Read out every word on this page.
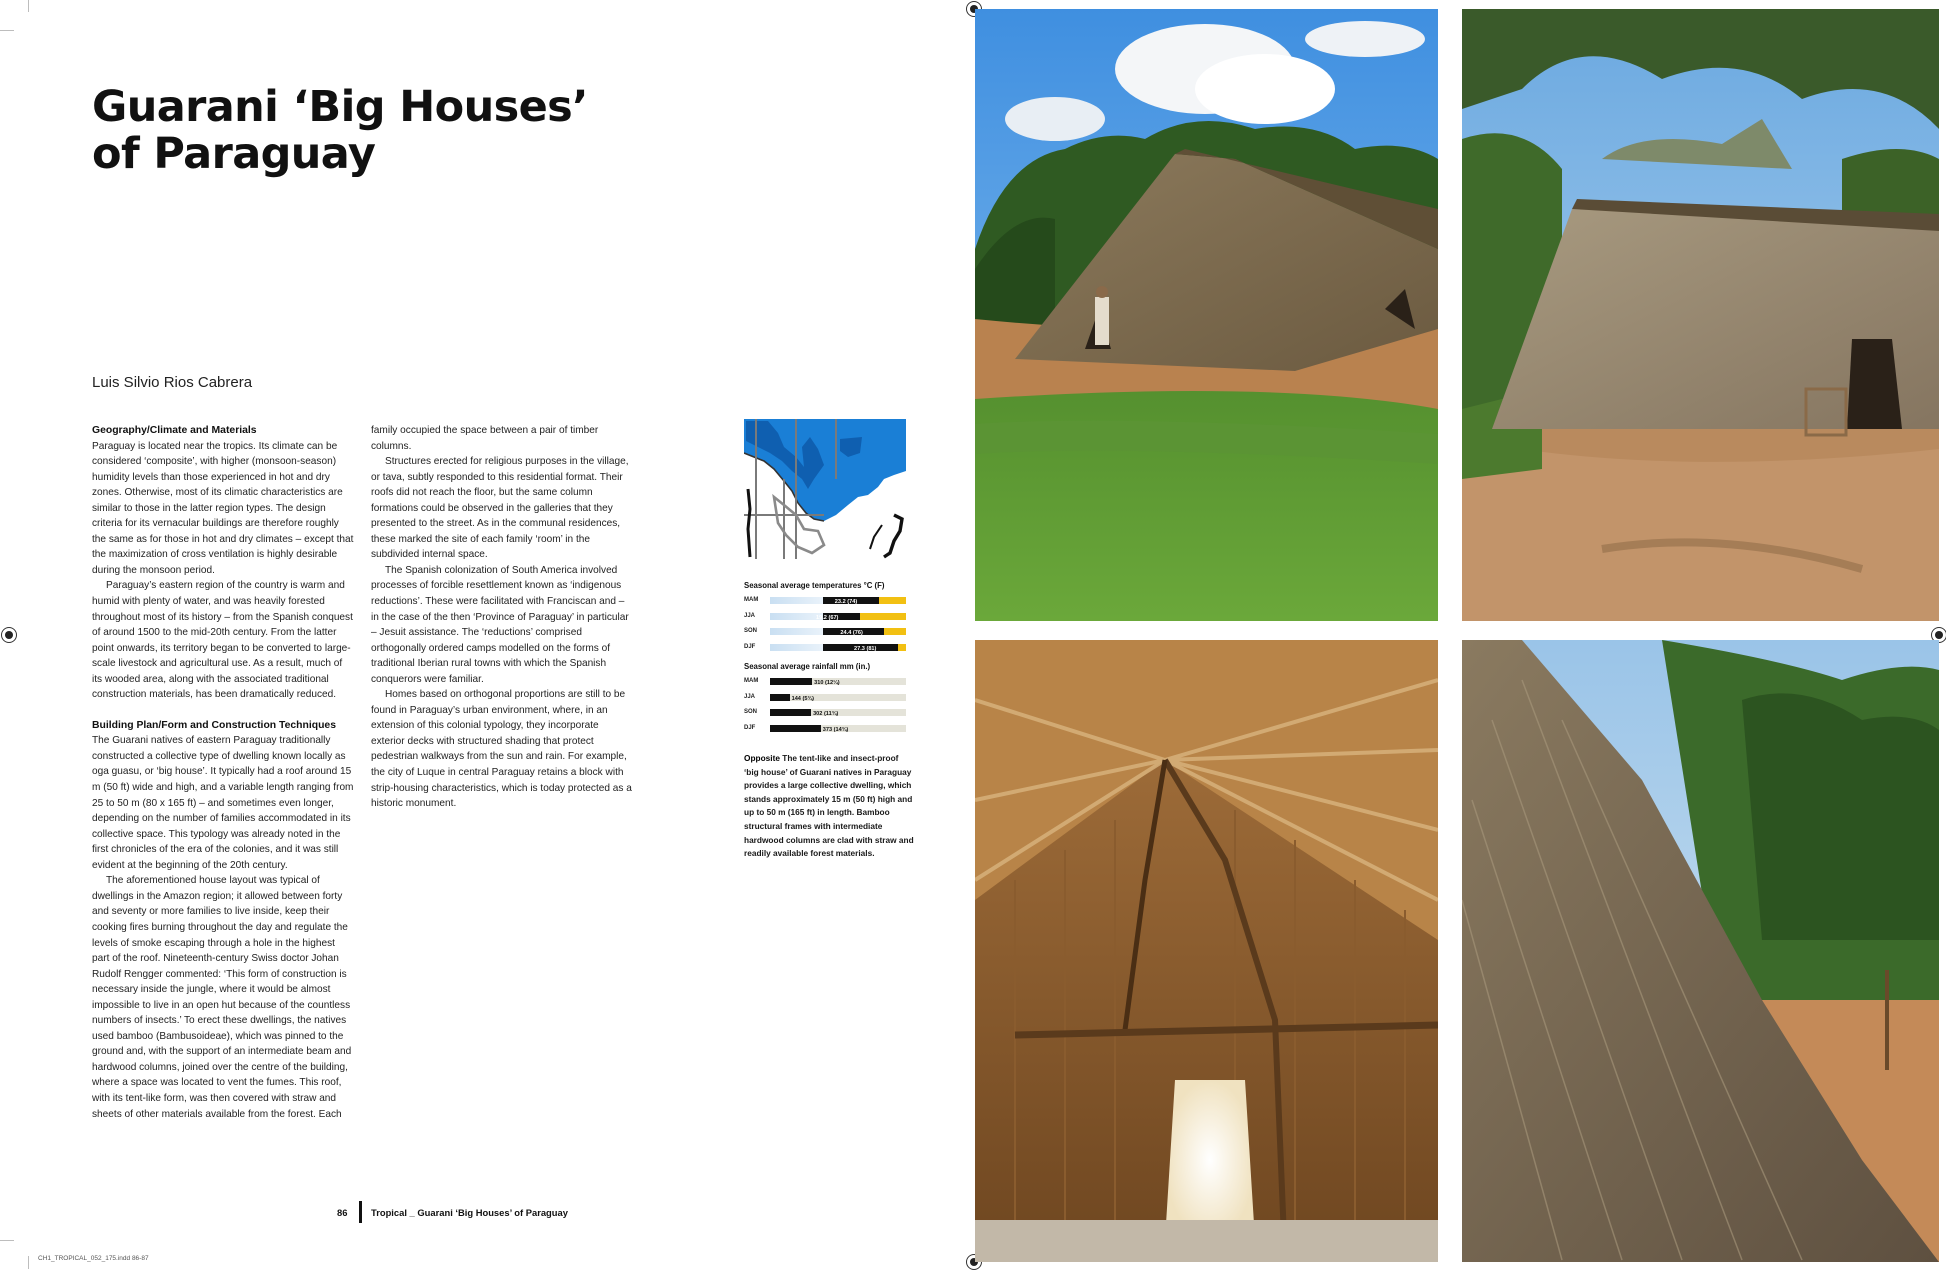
Guarani ‘Big Houses’
of Paraguay
Luis Silvio Rios Cabrera
Geography/Climate and Materials

Paraguay is located near the tropics. Its climate can be considered ‘composite’, with higher (monsoon-season) humidity levels than those experienced in hot and dry zones. Otherwise, most of its climatic characteristics are similar to those in the latter region types. The design criteria for its vernacular buildings are therefore roughly the same as for those in hot and dry climates – except that the maximization of cross ventilation is highly desirable during the monsoon period.

Paraguay’s eastern region of the country is warm and humid with plenty of water, and was heavily forested throughout most of its history – from the Spanish conquest of around 1500 to the mid-20th century. From the latter point onwards, its territory began to be converted to large-scale livestock and agricultural use. As a result, much of its wooded area, along with the associated traditional construction materials, has been dramatically reduced.

Building Plan/Form and Construction Techniques

The Guarani natives of eastern Paraguay traditionally constructed a collective type of dwelling known locally as oga guasu, or ‘big house’. It typically had a roof around 15 m (50 ft) wide and high, and a variable length ranging from 25 to 50 m (80 x 165 ft) – and sometimes even longer, depending on the number of families accommodated in its collective space. This typology was already noted in the first chronicles of the era of the colonies, and it was still evident at the beginning of the 20th century.

The aforementioned house layout was typical of dwellings in the Amazon region; it allowed between forty and seventy or more families to live inside, keep their cooking fires burning throughout the day and regulate the levels of smoke escaping through a hole in the highest part of the roof. Nineteenth-century Swiss doctor Johan Rudolf Rengger commented: ‘This form of construction is necessary inside the jungle, where it would be almost impossible to live in an open hut because of the countless numbers of insects.’ To erect these dwellings, the natives used bamboo (Bambusoideae), which was pinned to the ground and, with the support of an intermediate beam and hardwood columns, joined over the centre of the building, where a space was located to vent the fumes. This roof, with its tent-like form, was then covered with straw and sheets of other materials available from the forest. Each

family occupied the space between a pair of timber columns.

Structures erected for religious purposes in the village, or tava, subtly responded to this residential format. Their roofs did not reach the floor, but the same column formations could be observed in the galleries that they presented to the street. As in the communal residences, these marked the site of each family ‘room’ in the subdivided internal space.

The Spanish colonization of South America involved processes of forcible resettlement known as ‘indigenous reductions’. These were facilitated with Franciscan and – in the case of the then ‘Province of Paraguay’ in particular – Jesuit assistance. The ‘reductions’ comprised orthogonally ordered camps modelled on the forms of traditional Iberian rural towns with which the Spanish conquerors were familiar.

Homes based on orthogonal proportions are still to be found in Paraguay’s urban environment, where, in an extension of this colonial typology, they incorporate exterior decks with structured shading that protect pedestrian walkways from the sun and rain. For example, the city of Luque in central Paraguay retains a block with strip-housing characteristics, which is today protected as a historic monument.

Seasonal average temperatures °C (F)
MAM	23.2 (74)
JJA	19.2 (67)
SON	24.4 (76)
DJF	27.3 (81)
Seasonal average rainfall mm (in.)
MAM	310 (12¼)
JJA	144 (5¾)
SON	302 (11¾)
DJF	373 (14¾)
Opposite The tent-like and insect-proof ‘big house’ of Guarani natives in Paraguay provides a large collective dwelling, which stands approximately 15 m (50 ft) high and up to 50 m (165 ft) in length. Bamboo structural frames with intermediate hardwood columns are clad with straw and readily available forest materials.
86	Tropical _ Guarani ‘Big Houses’ of Paraguay
CH1_TROPICAL_052_175.indd 86-87
